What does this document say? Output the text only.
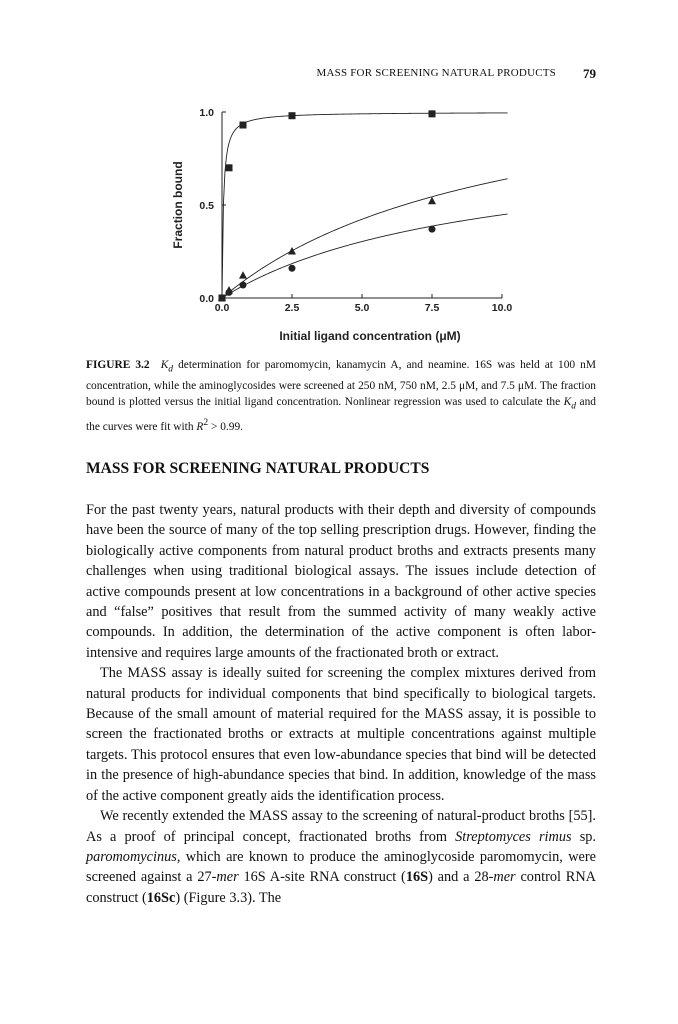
MASS FOR SCREENING NATURAL PRODUCTS 79
0.0	2.5	5.0	7.5	10.0
0.0
0.5
1.0
Initial ligand concentration (μM)
Fraction bound

FIGURE 3.2 $K_d$ determination for paromomycin, kanamycin A, and neamine. 16S was held at 100 nM concentration, while the aminoglycosides were screened at 250 nM, 750 nM, 2.5 μM, and 7.5 μM. The fraction bound is plotted versus the initial ligand concentration. Nonlinear regression was used to calculate the $K_d$ and the curves were fit with $R^2 > 0.99$.

MASS FOR SCREENING NATURAL PRODUCTS

For the past twenty years, natural products with their depth and diversity of compounds have been the source of many of the top selling prescription drugs. However, finding the biologically active components from natural product broths and extracts presents many challenges when using traditional biological assays. The issues include detection of active compounds present at low concentrations in a background of other active species and “false” positives that result from the summed activity of many weakly active compounds. In addition, the determination of the active component is often labor-intensive and requires large amounts of the fractionated broth or extract.

The MASS assay is ideally suited for screening the complex mixtures derived from natural products for individual components that bind specifically to biological targets. Because of the small amount of material required for the MASS assay, it is possible to screen the fractionated broths or extracts at multiple concentrations against multiple targets. This protocol ensures that even low-abundance species that bind will be detected in the presence of high-abundance species that bind. In addition, knowledge of the mass of the active component greatly aids the identification process.

We recently extended the MASS assay to the screening of natural-product broths [55]. As a proof of principal concept, fractionated broths from Streptomyces rimus sp. paromomycinus, which are known to produce the aminoglycoside paromomycin, were screened against a 27-mer 16S A-site RNA construct (16S) and a 28-mer control RNA construct (16Sc) (Figure 3.3). The
